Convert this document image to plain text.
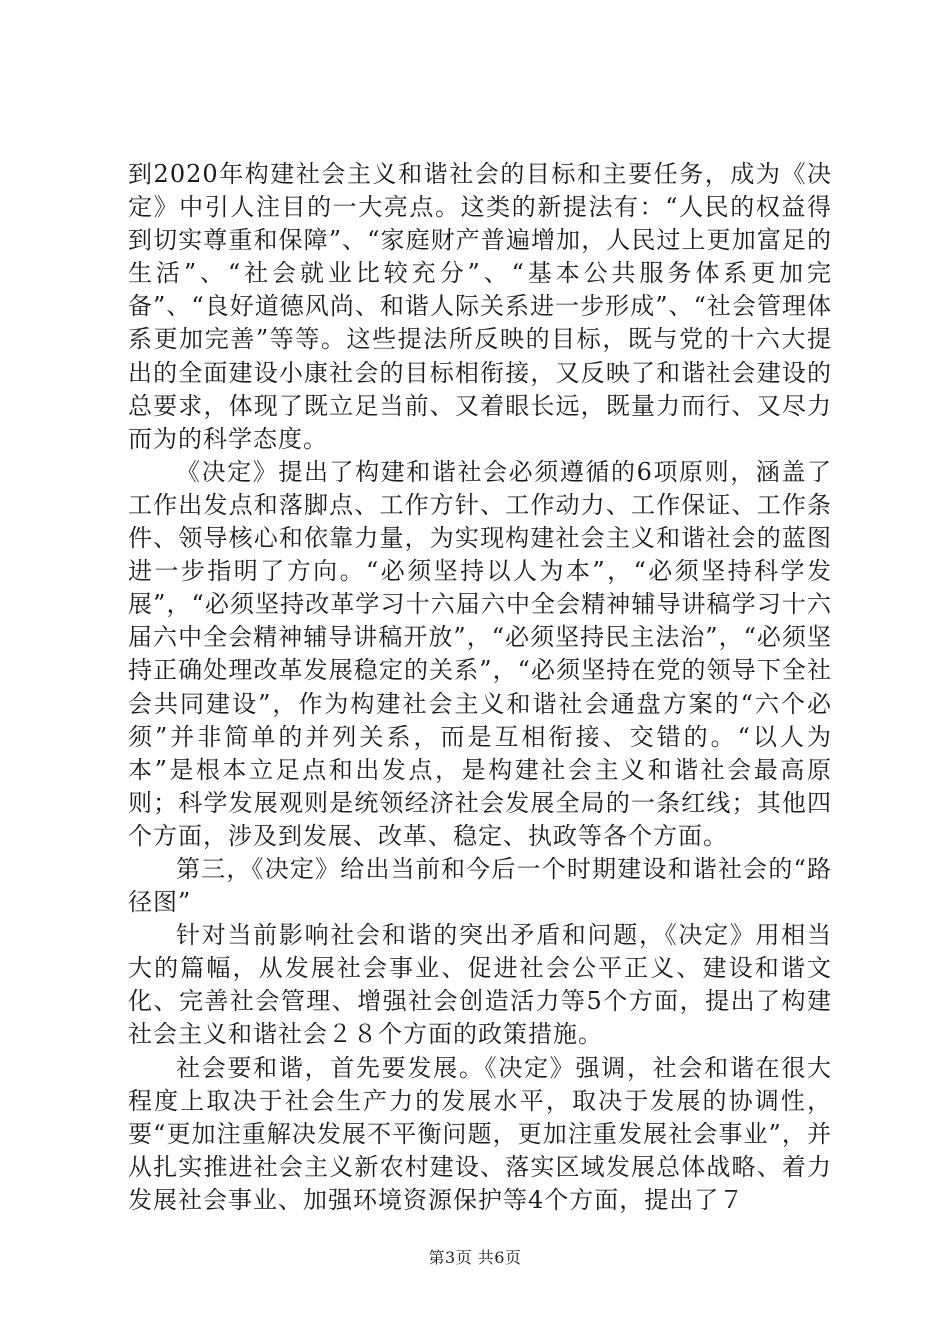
到2020年构建社会主义和谐社会的目标和主要任务，成为《决定》中引人注目的一大亮点。这类的新提法有：“人民的权益得到切实尊重和保障”、“家庭财产普遍增加，人民过上更加富足的生活”、“社会就业比较充分”、“基本公共服务体系更加完备”、“良好道德风尚、和谐人际关系进一步形成”、“社会管理体系更加完善”等等。这些提法所反映的目标，既与党的十六大提出的全面建设小康社会的目标相衔接，又反映了和谐社会建设的总要求，体现了既立足当前、又着眼长远，既量力而行、又尽力而为的科学态度。

《决定》提出了构建和谐社会必须遵循的6项原则，涵盖了工作出发点和落脚点、工作方针、工作动力、工作保证、工作条件、领导核心和依靠力量，为实现构建社会主义和谐社会的蓝图进一步指明了方向。“必须坚持以人为本”，“必须坚持科学发展”，“必须坚持改革学习十六届六中全会精神辅导讲稿学习十六届六中全会精神辅导讲稿开放”，“必须坚持民主法治”，“必须坚持正确处理改革发展稳定的关系”，“必须坚持在党的领导下全社会共同建设”，作为构建社会主义和谐社会通盘方案的“六个必须”并非简单的并列关系，而是互相衔接、交错的。“以人为本”是根本立足点和出发点，是构建社会主义和谐社会最高原则；科学发展观则是统领经济社会发展全局的一条红线；其他四个方面，涉及到发展、改革、稳定、执政等各个方面。

第三，《决定》给出当前和今后一个时期建设和谐社会的“路径图”

针对当前影响社会和谐的突出矛盾和问题，《决定》用相当大的篇幅，从发展社会事业、促进社会公平正义、建设和谐文化、完善社会管理、增强社会创造活力等5个方面，提出了构建社会主义和谐社会２８个方面的政策措施。

社会要和谐，首先要发展。《决定》强调，社会和谐在很大程度上取决于社会生产力的发展水平，取决于发展的协调性，要“更加注重解决发展不平衡问题，更加注重发展社会事业”，并从扎实推进社会主义新农村建设、落实区域发展总体战略、着力发展社会事业、加强环境资源保护等4个方面，提出了７

第3页 共6页
